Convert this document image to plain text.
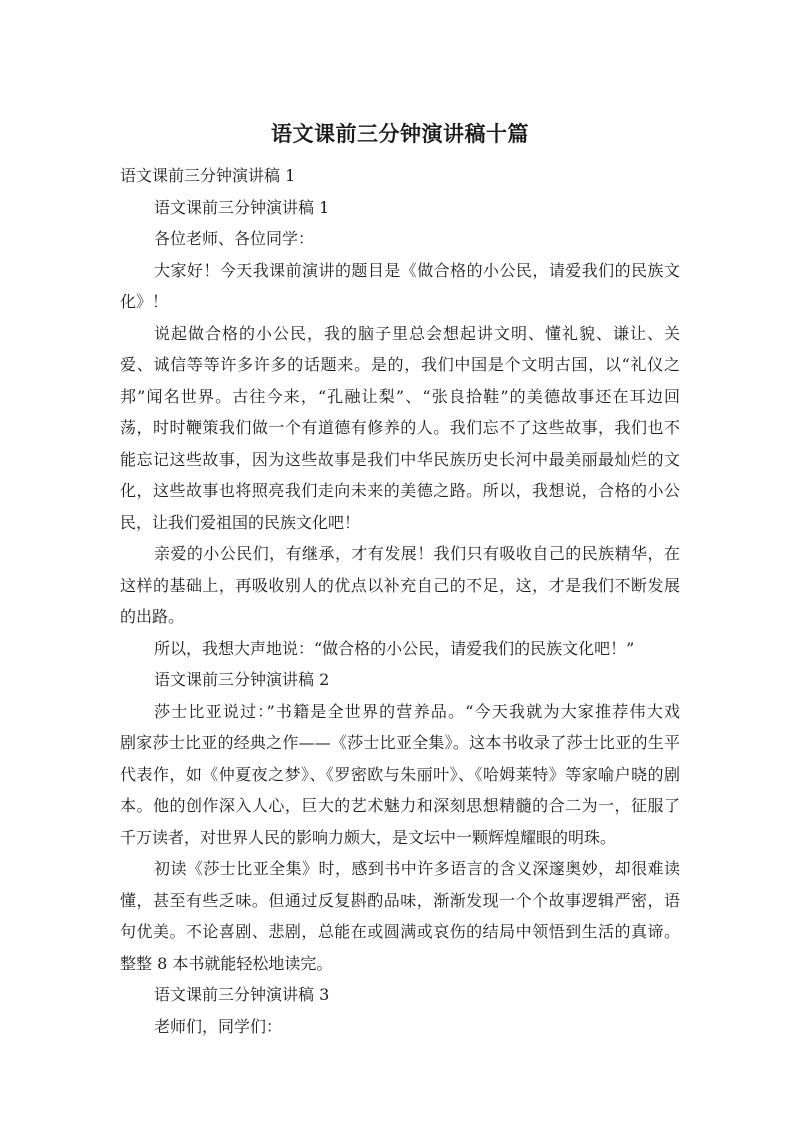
语文课前三分钟演讲稿十篇
语文课前三分钟演讲稿 1
语文课前三分钟演讲稿 1
各位老师、各位同学：
大家好！今天我课前演讲的题目是《做合格的小公民，请爱我们的民族文
化》！
说起做合格的小公民，我的脑子里总会想起讲文明、懂礼貌、谦让、关
爱、诚信等等许多许多的话题来。是的，我们中国是个文明古国，以“礼仪之
邦”闻名世界。古往今来，“孔融让梨”、“张良拾鞋”的美德故事还在耳边回
荡，时时鞭策我们做一个有道德有修养的人。我们忘不了这些故事，我们也不
能忘记这些故事，因为这些故事是我们中华民族历史长河中最美丽最灿烂的文
化，这些故事也将照亮我们走向未来的美德之路。所以，我想说，合格的小公
民，让我们爱祖国的民族文化吧！
亲爱的小公民们，有继承，才有发展！我们只有吸收自己的民族精华，在
这样的基础上，再吸收别人的优点以补充自己的不足，这，才是我们不断发展
的出路。
所以，我想大声地说：“做合格的小公民，请爱我们的民族文化吧！”
语文课前三分钟演讲稿 2
莎士比亚说过：”书籍是全世界的营养品。“今天我就为大家推荐伟大戏
剧家莎士比亚的经典之作——《莎士比亚全集》。这本书收录了莎士比亚的生平
代表作，如《仲夏夜之梦》、《罗密欧与朱丽叶》、《哈姆莱特》等家喻户晓的剧
本。他的创作深入人心，巨大的艺术魅力和深刻思想精髓的合二为一，征服了
千万读者，对世界人民的影响力颇大，是文坛中一颗辉煌耀眼的明珠。
初读《莎士比亚全集》时，感到书中许多语言的含义深邃奥妙，却很难读
懂，甚至有些乏味。但通过反复斟酌品味，渐渐发现一个个故事逻辑严密，语
句优美。不论喜剧、悲剧，总能在或圆满或哀伤的结局中领悟到生活的真谛。
整整 8 本书就能轻松地读完。
语文课前三分钟演讲稿 3
老师们，同学们：
